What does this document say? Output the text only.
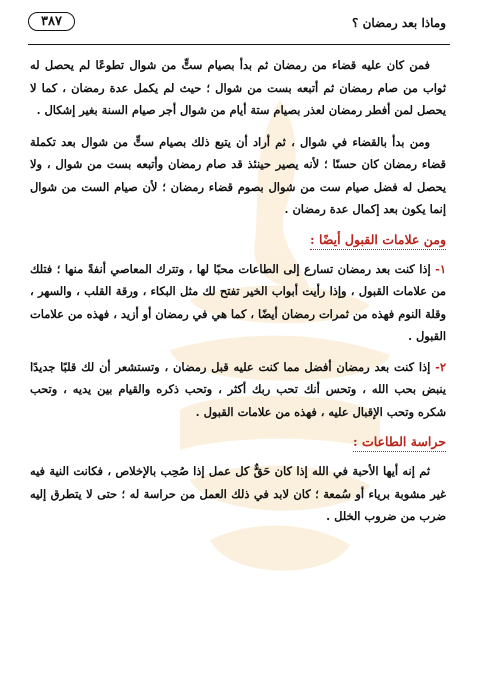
وماذا بعد رمضان ؟
٣٨٧

فمن كان عليه قضاء من رمضان ثم بدأ بصيام ستٍّ من شوال تطوعًا لم يحصل له ثواب من صام رمضان ثم أتبعه بست من شوال ؛ حيث لم يكمل عدة رمضان ، كما لا يحصل لمن أفطر رمضان لعذر بصيام ستة أيام من شوال أجر صيام السنة بغير إشكال .

ومن بدأ بالقضاء في شوال ، ثم أراد أن يتبع ذلك بصيام ستٍّ من شوال بعد تكملة قضاء رمضان كان حسنًا ؛ لأنه يصير حينئذ قد صام رمضان وأتبعه بست من شوال ، ولا يحصل له فضل صيام ست من شوال بصوم قضاء رمضان ؛ لأن صيام الست من شوال إنما يكون بعد إكمال عدة رمضان .

ومن علامات القبول أيضًا :

١- إذا كنت بعد رمضان تسارع إلى الطاعات محبًا لها ، وتترك المعاصي أنفةً منها ؛ فتلك من علامات القبول ، وإذا رأيت أبواب الخير تفتح لك مثل البكاء ، ورقة القلب ، والسهر ، وقلة النوم فهذه من ثمرات رمضان أيضًا ، كما هي في رمضان أو أزيد ، فهذه من علامات القبول .

٢- إذا كنت بعد رمضان أفضل مما كنت عليه قبل رمضان ، وتستشعر أن لك قلبًا جديدًا ينبض بحب الله ، وتحس أنك تحب ربك أكثر ، وتحب ذكره والقيام بين يديه ، وتحب شكره وتحب الإقبال عليه ، فهذه من علامات القبول .

حراسة الطاعات :

ثم إنه أيها الأحبة في الله إذا كان حَقٌّ كل عمل إذا صُحِب بالإخلاص ، فكانت النية فيه غير مشوبة برياء أو سُمعة ؛ كان لابد في ذلك العمل من حراسة له ؛ حتى لا يتطرق إليه ضرب من ضروب الخلل .
